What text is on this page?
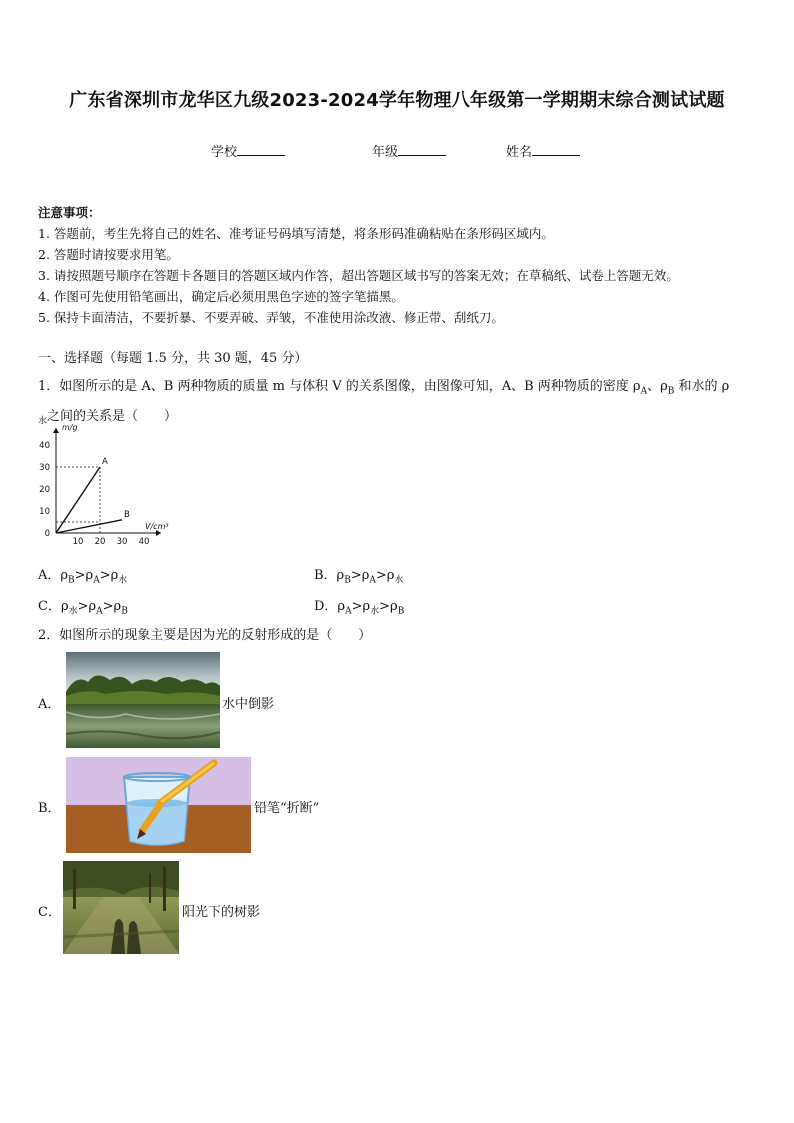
广东省深圳市龙华区九级2023-2024学年物理八年级第一学期期末综合测试试题
学校	年级	姓名
注意事项：
1. 答题前，考生先将自己的姓名、准考证号码填写清楚，将条形码准确粘贴在条形码区域内。
2. 答题时请按要求用笔。
3. 请按照题号顺序在答题卡各题目的答题区域内作答，超出答题区域书写的答案无效；在草稿纸、试卷上答题无效。
4. 作图可先使用铅笔画出，确定后必须用黑色字迹的签字笔描黑。
5. 保持卡面清洁，不要折暴、不要弄破、弄皱，不准使用涂改液、修正带、刮纸刀。
一、选择题（每题 1.5 分，共 30 题，45 分）
1．如图所示的是 A、B 两种物质的质量 m 与体积 V 的关系图像，由图像可知，A、B 两种物质的密度 $\rho_A$、$\rho_B$ 和水的 ρ
$_水$之间的关系是（　　）
10 20 30 40
0
10
20
30
40
m/g
V/cm³
A
B
A．$\rho_B>\rho_A>\rho_水$	B．$\rho_B>\rho_A>\rho_水$
C．$\rho_水>\rho_A>\rho_B$	D．$\rho_A>\rho_水>\rho_B$
2．如图所示的现象主要是因为光的反射形成的是（　　）
A．	水中倒影
B．	铅笔“折断”
C．	阳光下的树影
